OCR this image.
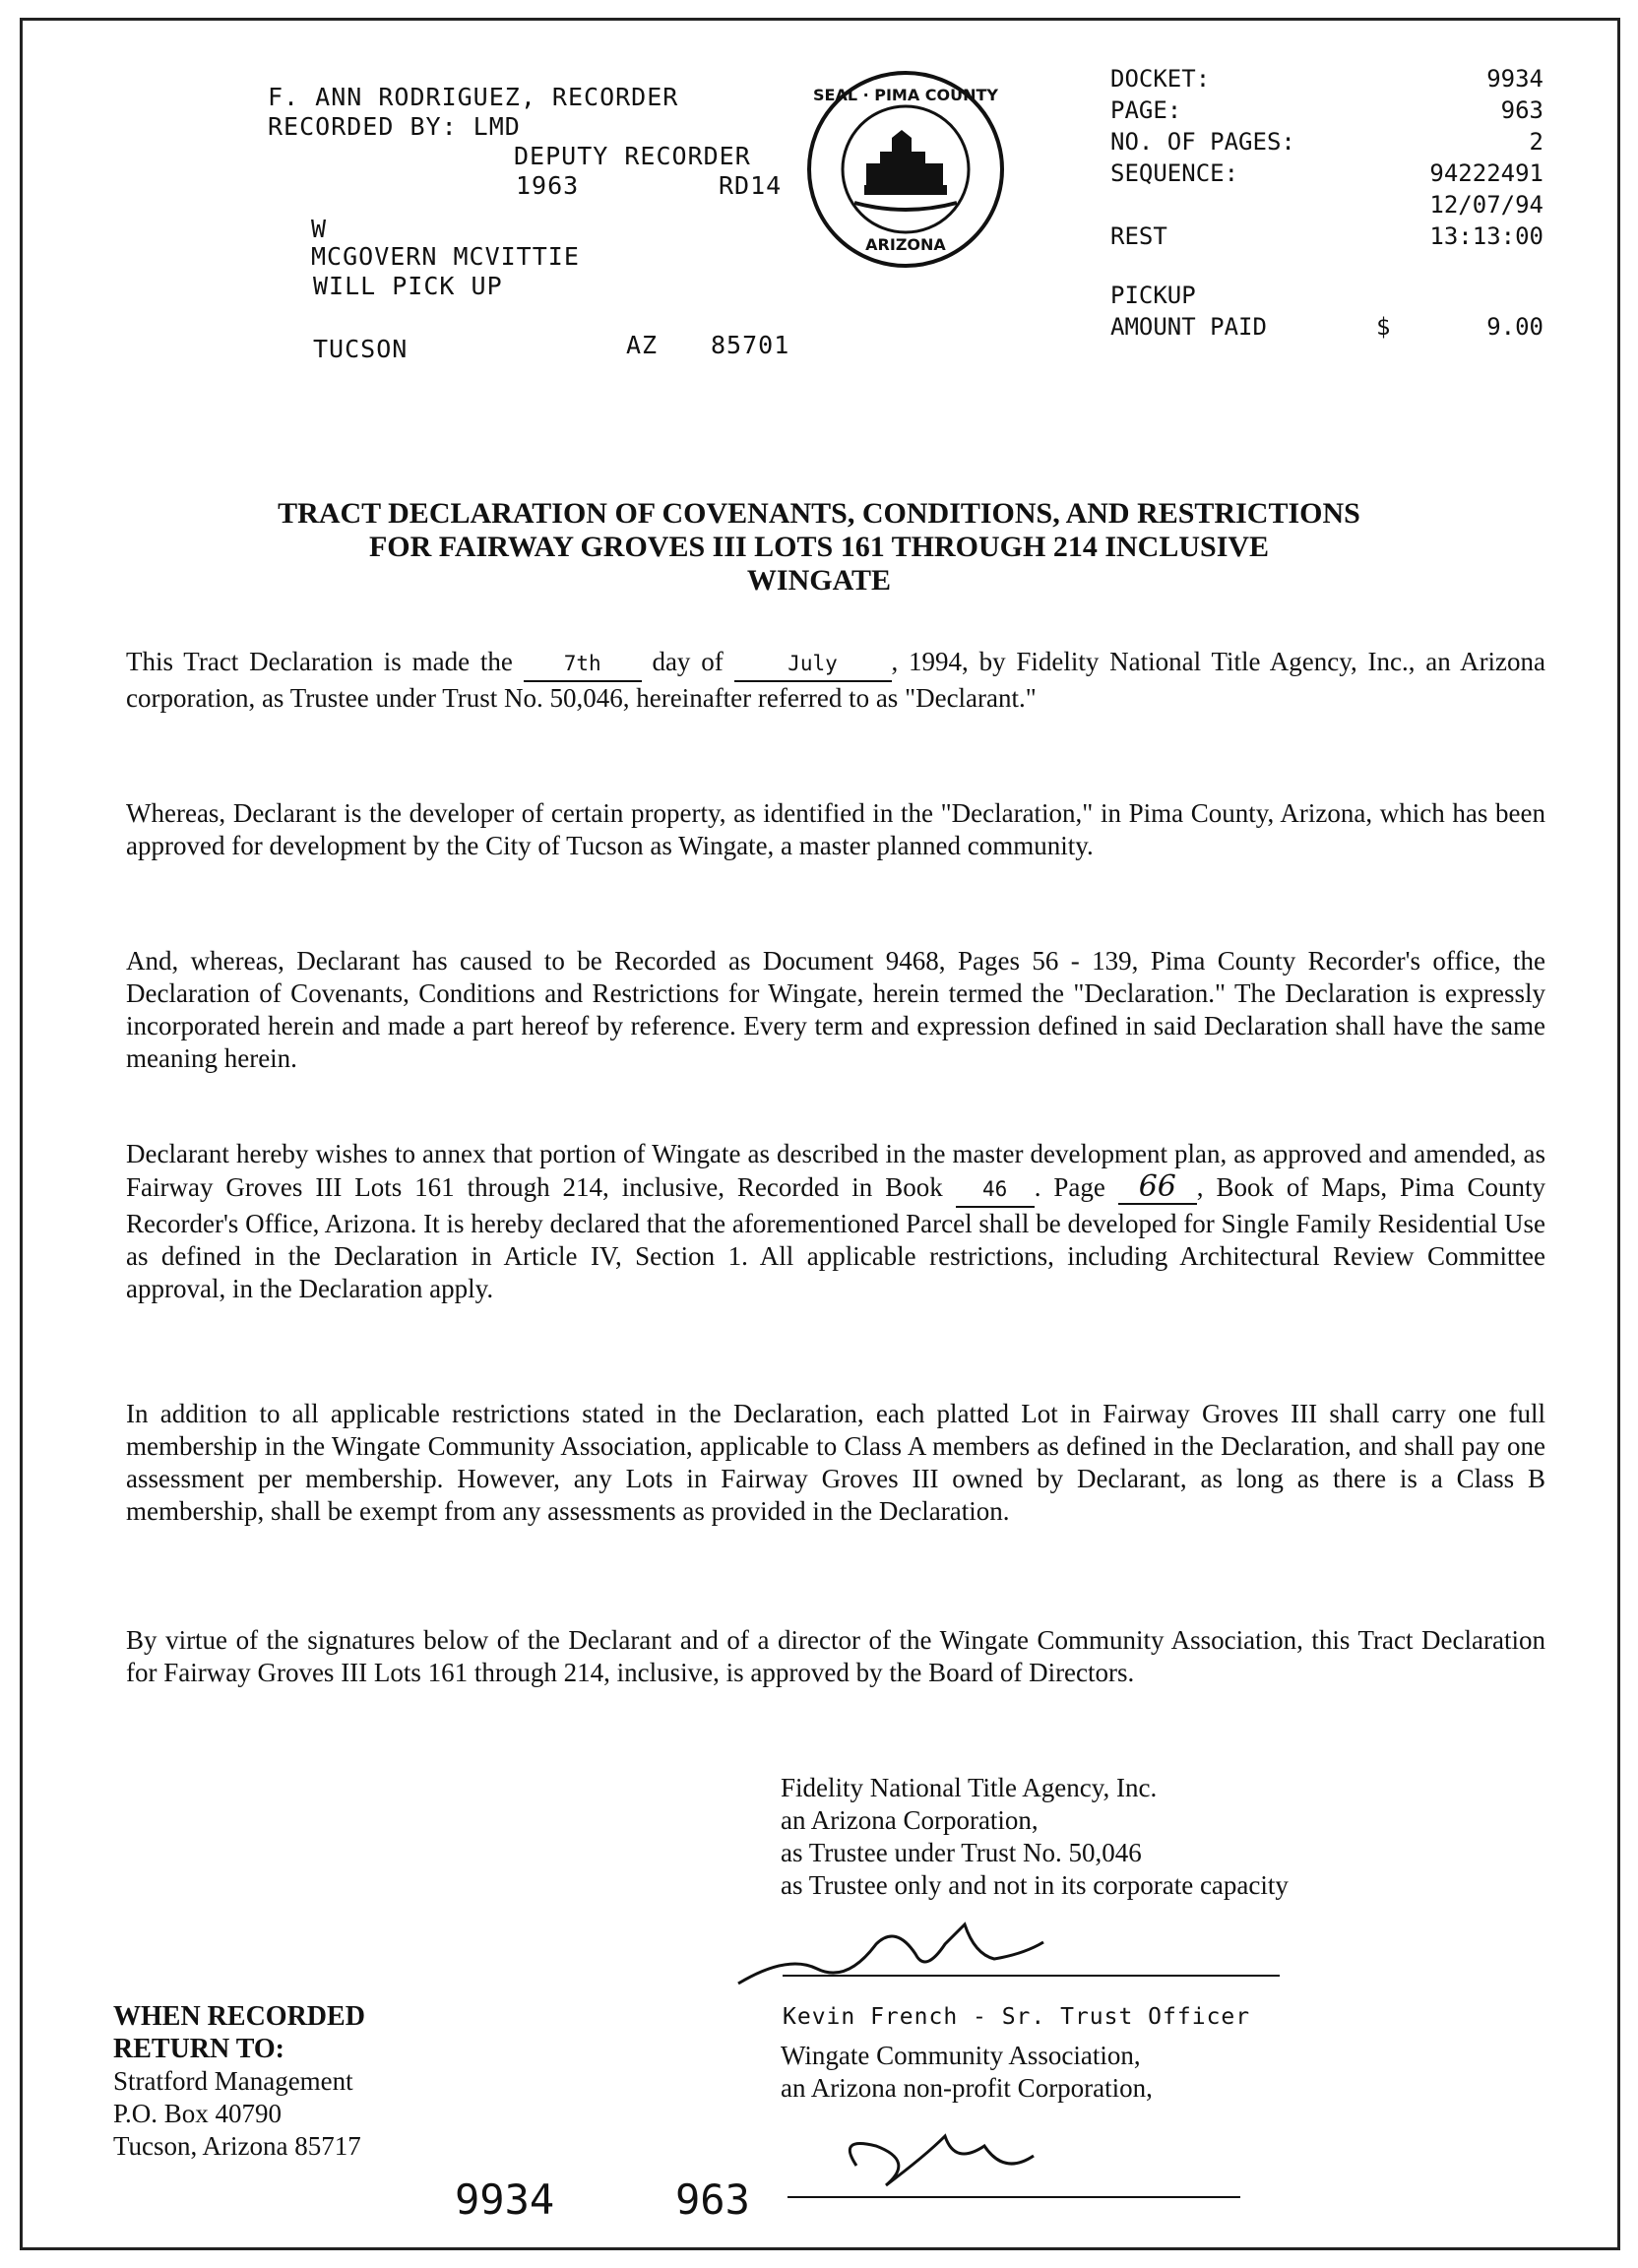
F. ANN RODRIGUEZ, RECORDER
RECORDED BY: LMD
DEPUTY RECORDER
1963	RD14
W
MCGOVERN MCVITTIE
WILL PICK UP
TUCSON	AZ 85701
SEAL · PIMA COUNTY
ARIZONA
DOCKET:	9934
PAGE:	963
NO. OF PAGES:	2
SEQUENCE:	94222491
12/07/94
REST	13:13:00
PICKUP
AMOUNT PAID	$	9.00
TRACT DECLARATION OF COVENANTS, CONDITIONS, AND RESTRICTIONS
FOR FAIRWAY GROVES III LOTS 161 THROUGH 214 INCLUSIVE
WINGATE
This Tract Declaration is made the 7th day of	July , 1994, by Fidelity National Title Agency, Inc., an Arizona corporation, as Trustee under Trust No. 50,046, hereinafter referred to as "Declarant."
Whereas, Declarant is the developer of certain property, as identified in the "Declaration," in Pima County, Arizona, which has been approved for development by the City of Tucson as Wingate, a master planned community.
And, whereas, Declarant has caused to be Recorded as Document 9468, Pages 56 - 139, Pima County Recorder's office, the Declaration of Covenants, Conditions and Restrictions for Wingate, herein termed the "Declaration." The Declaration is expressly incorporated herein and made a part hereof by reference. Every term and expression defined in said Declaration shall have the same meaning herein.
Declarant hereby wishes to annex that portion of Wingate as described in the master development plan, as approved and amended, as Fairway Groves III Lots 161 through 214, inclusive, Recorded in Book 46 . Page 66 , Book of Maps, Pima County Recorder's Office, Arizona. It is hereby declared that the aforementioned Parcel shall be developed for Single Family Residential Use as defined in the Declaration in Article IV, Section 1. All applicable restrictions, including Architectural Review Committee approval, in the Declaration apply.
In addition to all applicable restrictions stated in the Declaration, each platted Lot in Fairway Groves III shall carry one full membership in the Wingate Community Association, applicable to Class A members as defined in the Declaration, and shall pay one assessment per membership. However, any Lots in Fairway Groves III owned by Declarant, as long as there is a Class B membership, shall be exempt from any assessments as provided in the Declaration.
By virtue of the signatures below of the Declarant and of a director of the Wingate Community Association, this Tract Declaration for Fairway Groves III Lots 161 through 214, inclusive, is approved by the Board of Directors.
Fidelity National Title Agency, Inc.
an Arizona Corporation,
as Trustee under Trust No. 50,046
as Trustee only and not in its corporate capacity
Kevin French - Sr. Trust Officer
Wingate Community Association,
an Arizona non-profit Corporation,
WHEN RECORDED
RETURN TO:
Stratford Management
P.O. Box 40790
Tucson, Arizona 85717
9934	963
